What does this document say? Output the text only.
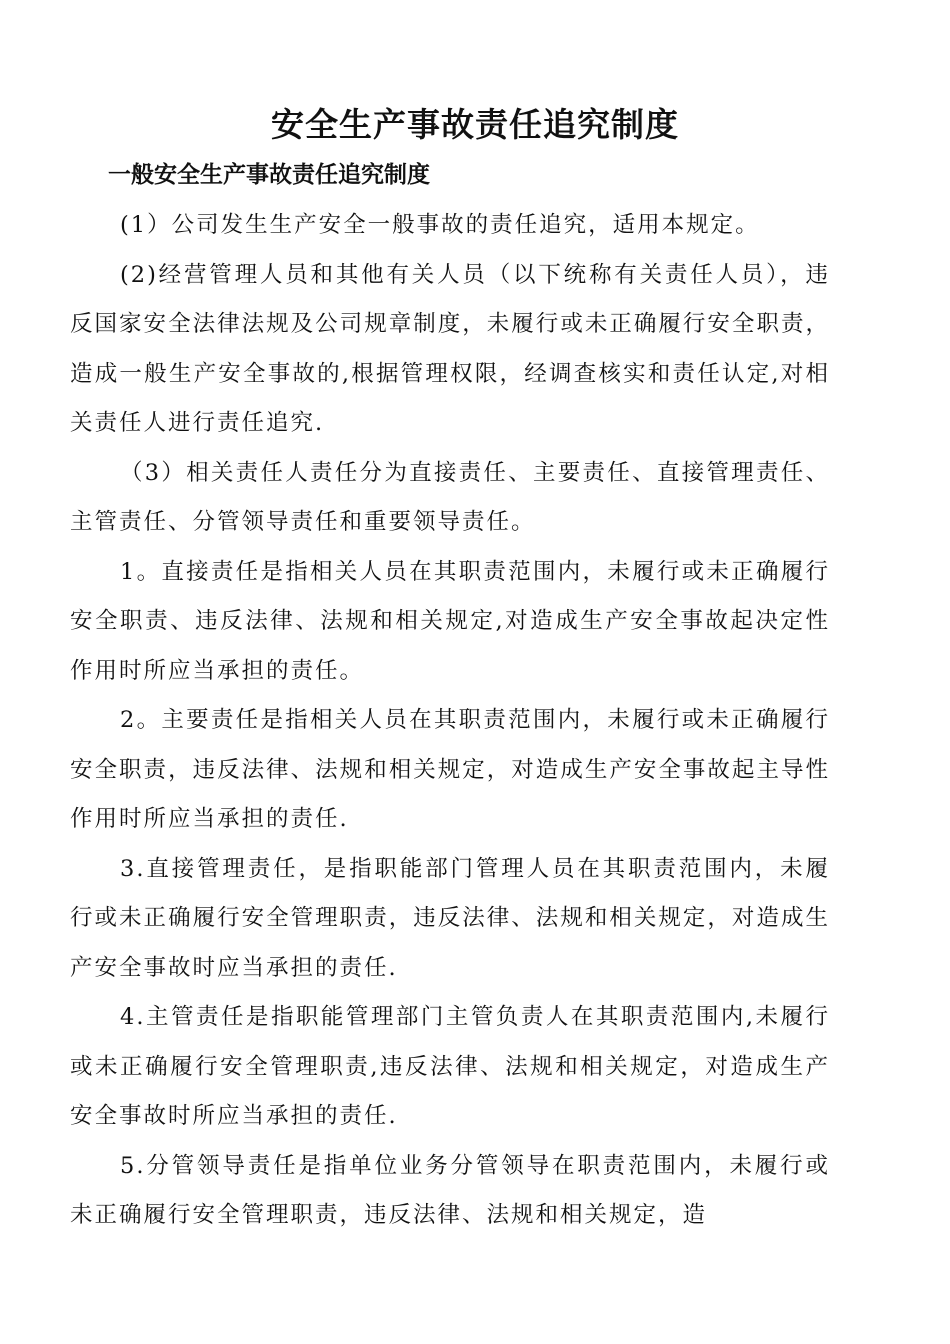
安全生产事故责任追究制度
一般安全生产事故责任追究制度

(1）公司发生生产安全一般事故的责任追究，适用本规定。

(2)经营管理人员和其他有关人员（以下统称有关责任人员），违反国家安全法律法规及公司规章制度，未履行或未正确履行安全职责，造成一般生产安全事故的,根据管理权限，经调查核实和责任认定,对相关责任人进行责任追究.

（3）相关责任人责任分为直接责任、主要责任、直接管理责任、主管责任、分管领导责任和重要领导责任。

1。直接责任是指相关人员在其职责范围内，未履行或未正确履行安全职责、违反法律、法规和相关规定,对造成生产安全事故起决定性作用时所应当承担的责任。

2。主要责任是指相关人员在其职责范围内，未履行或未正确履行安全职责，违反法律、法规和相关规定，对造成生产安全事故起主导性作用时所应当承担的责任.

3.直接管理责任，是指职能部门管理人员在其职责范围内，未履行或未正确履行安全管理职责，违反法律、法规和相关规定，对造成生产安全事故时应当承担的责任.

4.主管责任是指职能管理部门主管负责人在其职责范围内,未履行或未正确履行安全管理职责,违反法律、法规和相关规定，对造成生产安全事故时所应当承担的责任.

5.分管领导责任是指单位业务分管领导在职责范围内，未履行或未正确履行安全管理职责，违反法律、法规和相关规定，造
